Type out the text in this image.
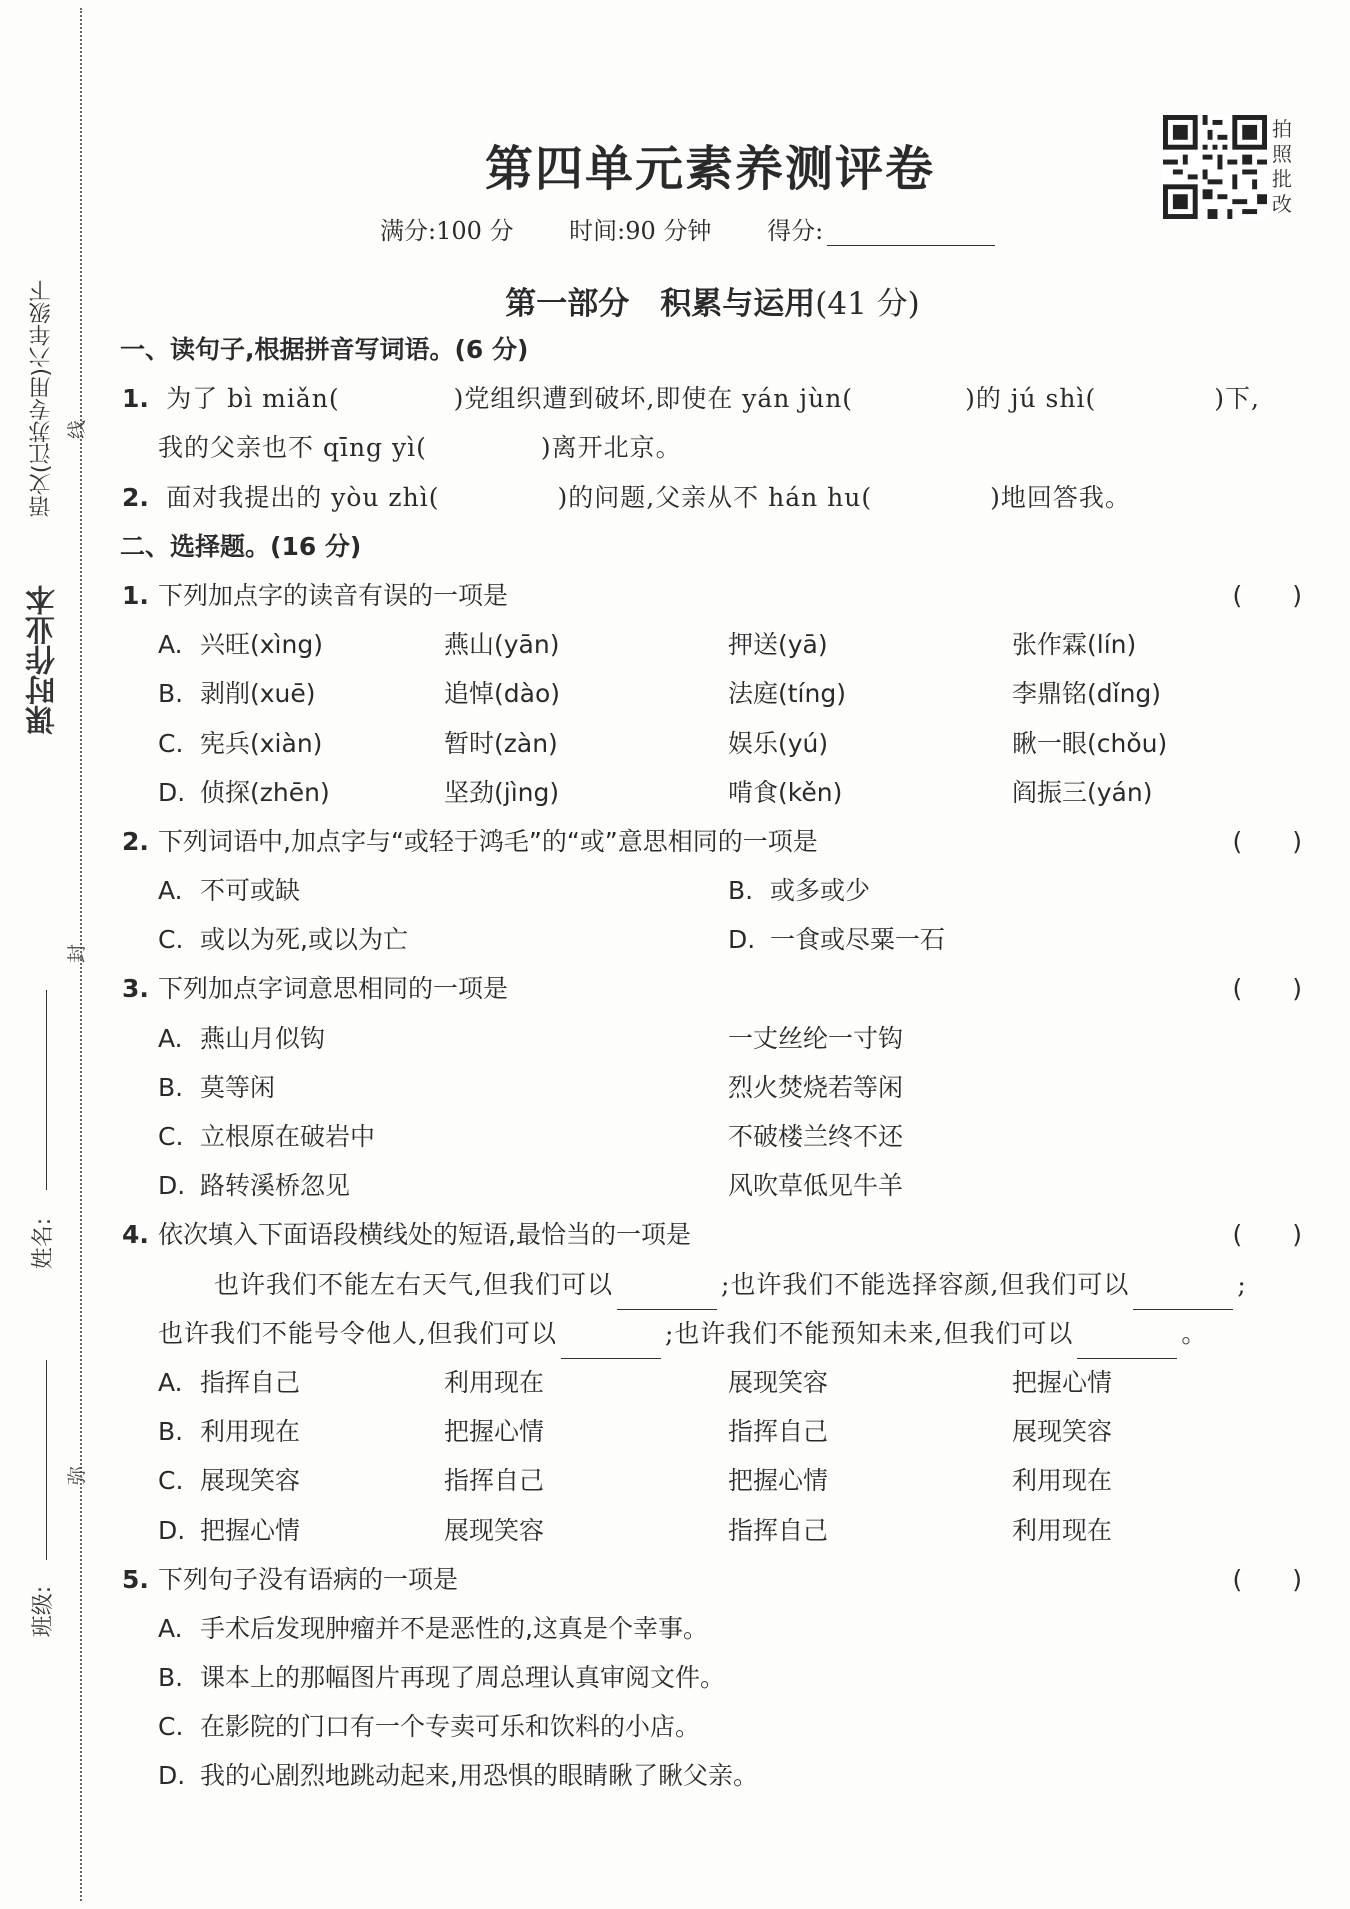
课时作业本
语文(江苏专用)六年级下
姓名:
班级:
线
封
弥
第四单元素养测评卷
拍
照
批
改
满分:100 分 时间:90 分钟 得分:
第一部分　积累与运用(41 分)
一、读句子,根据拼音写词语。(6 分)
1. 为了 bì miǎn(	)党组织遭到破坏,即使在 yán jùn(	)的 jú shì(	)下,
我的父亲也不 qīng yì(	)离开北京。
2. 面对我提出的 yòu zhì(	)的问题,父亲从不 hán hu(	)地回答我。
二、选择题。(16 分)
1. 下列加点字的读音有误的一项是	(　　)
A. 兴旺(xìng)	燕山(yān)	押送(yā)	张作霖(lín)
B. 剥削(xuē)	追悼(dào)	法庭(tíng)	李鼎铭(dǐng)
C. 宪兵(xiàn)	暂时(zàn)	娱乐(yú)	瞅一眼(chǒu)
D. 侦探(zhēn)	坚劲(jìng)	啃食(kěn)	阎振三(yán)
2. 下列词语中,加点字与“或轻于鸿毛”的“或”意思相同的一项是	(　　)
A. 不可或缺	B. 或多或少
C. 或以为死,或以为亡	D. 一食或尽粟一石
3. 下列加点字词意思相同的一项是	(　　)
A. 燕山月似钩	一丈丝纶一寸钩
B. 莫等闲	烈火焚烧若等闲
C. 立根原在破岩中	不破楼兰终不还
D. 路转溪桥忽见	风吹草低见牛羊
4. 依次填入下面语段横线处的短语,最恰当的一项是	(　　)
也许我们不能左右天气,但我们可以	;也许我们不能选择容颜,但我们可以	;
也许我们不能号令他人,但我们可以	;也许我们不能预知未来,但我们可以	。
A. 指挥自己	利用现在	展现笑容	把握心情
B. 利用现在	把握心情	指挥自己	展现笑容
C. 展现笑容	指挥自己	把握心情	利用现在
D. 把握心情	展现笑容	指挥自己	利用现在
5. 下列句子没有语病的一项是	(　　)
A. 手术后发现肿瘤并不是恶性的,这真是个幸事。
B. 课本上的那幅图片再现了周总理认真审阅文件。
C. 在影院的门口有一个专卖可乐和饮料的小店。
D. 我的心剧烈地跳动起来,用恐惧的眼睛瞅了瞅父亲。
